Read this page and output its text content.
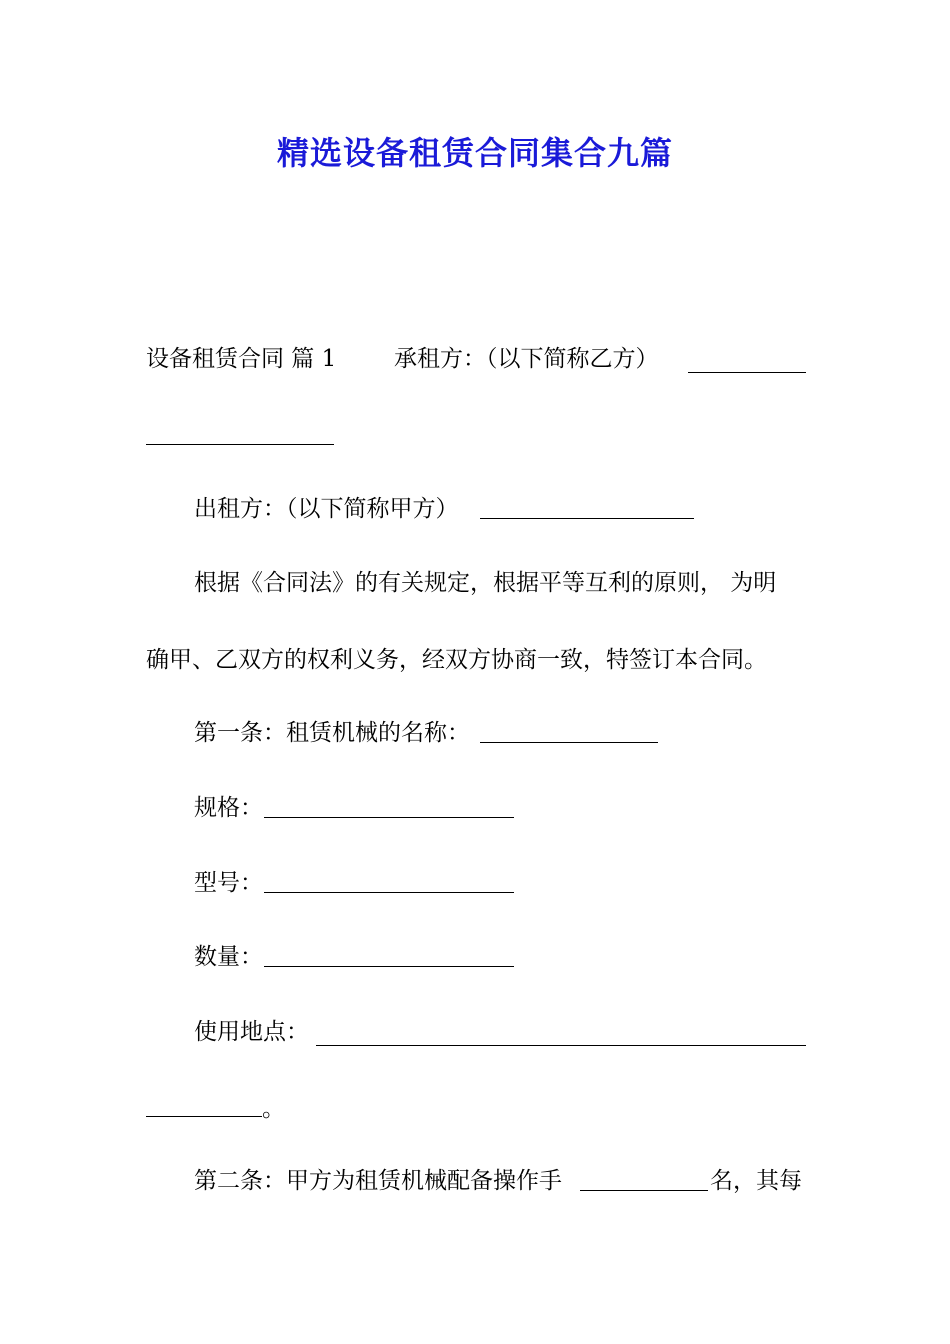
精选设备租赁合同集合九篇
设备租赁合同 篇 1	承租方：（以下简称乙方）
出租方：（以下简称甲方）
根据《合同法》的有关规定，根据平等互利的原则， 为明
确甲、乙双方的权利义务，经双方协商一致，特签订本合同。
第一条：租赁机械的名称：
规格：
型号：
数量：
使用地点：
。
第二条：甲方为租赁机械配备操作手	名，其每
